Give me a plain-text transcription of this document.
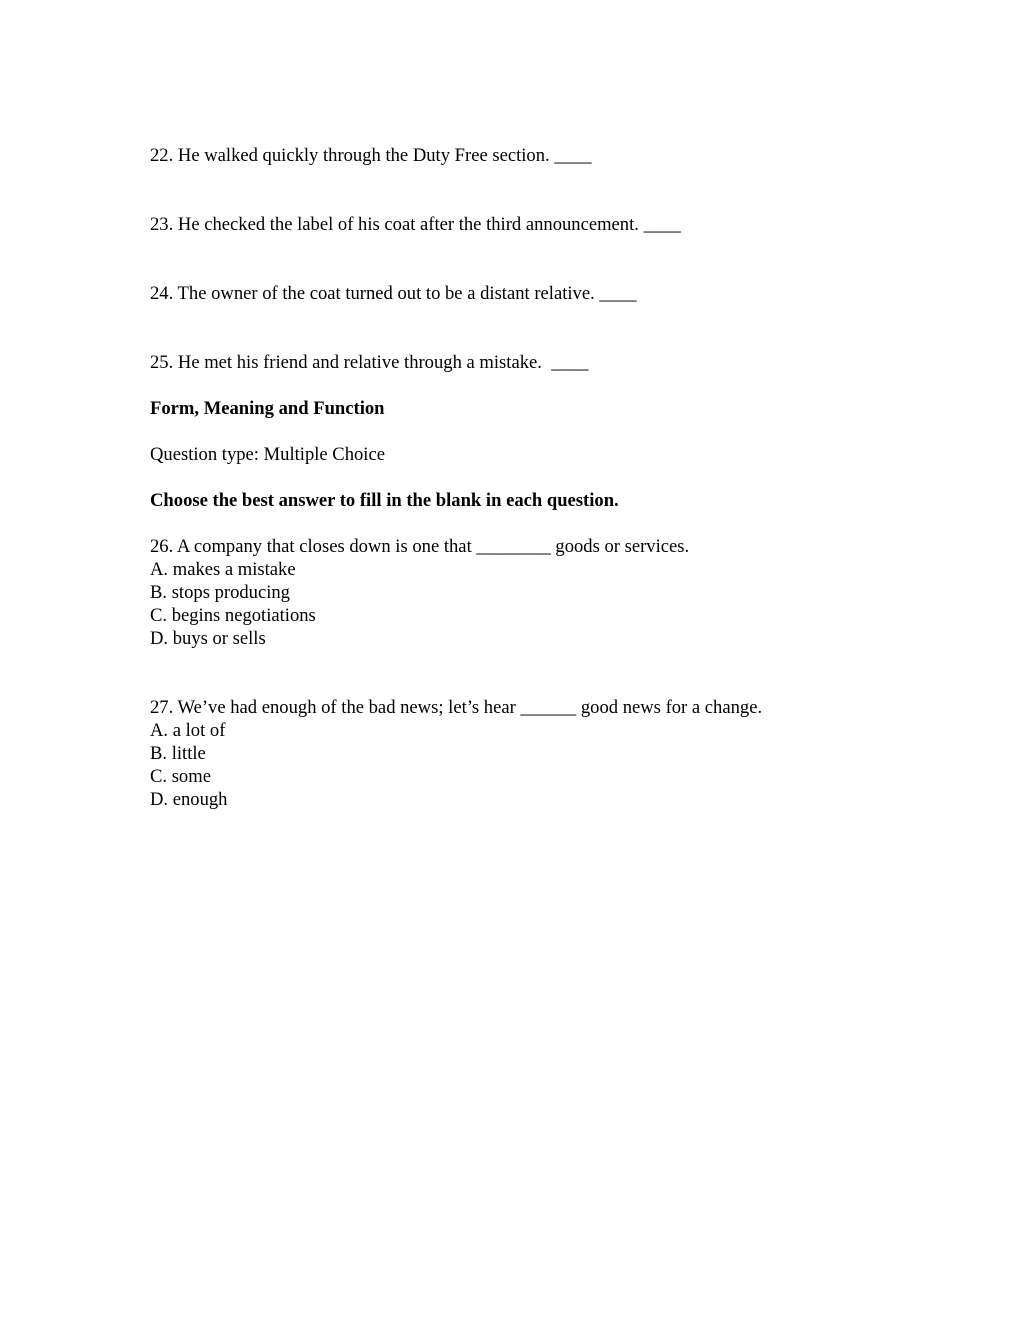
22. He walked quickly through the Duty Free section. ____

23. He checked the label of his coat after the third announcement. ____

24. The owner of the coat turned out to be a distant relative. ____

25. He met his friend and relative through a mistake.  ____

Form, Meaning and Function

Question type: Multiple Choice

Choose the best answer to fill in the blank in each question.

26. A company that closes down is one that ________ goods or services.

A. makes a mistake
B. stops producing
C. begins negotiations
D. buys or sells

27. We’ve had enough of the bad news; let’s hear ______ good news for a change.

A. a lot of
B. little
C. some
D. enough
